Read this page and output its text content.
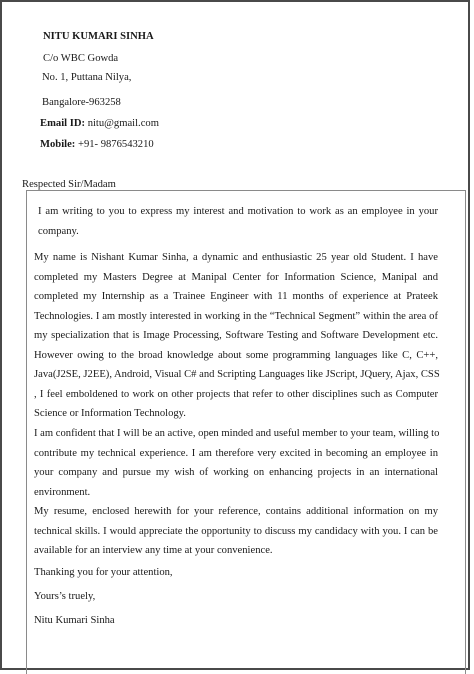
NITU KUMARI SINHA
C/o WBC Gowda
No. 1, Puttana Nilya,
Bangalore-963258
Email ID: nitu@gmail.com
Mobile: +91- 9876543210
Respected Sir/Madam
I am writing to you to express my interest and motivation to work as an employee in your
company.
My name is Nishant Kumar Sinha, a dynamic and enthusiastic 25 year old Student. I have
completed my Masters Degree at Manipal Center for Information Science, Manipal and
completed my Internship as a Trainee Engineer with 11 months of experience at Prateek
Technologies. I am mostly interested in working in the “Technical Segment” within the area of
my specialization that is Image Processing, Software Testing and Software Development etc.
However owing to the broad knowledge about some programming languages like C, C++,
Java(J2SE, J2EE), Android, Visual C# and Scripting Languages like JScript, JQuery, Ajax, CSS
, I feel emboldened to work on other projects that refer to other disciplines such as Computer
Science or Information Technology.
I am confident that I will be an active, open minded and useful member to your team, willing to
contribute my technical experience. I am therefore very excited in becoming an employee in
your company and pursue my wish of working on enhancing projects in an international
environment.
My resume, enclosed herewith for your reference, contains additional information on my
technical skills. I would appreciate the opportunity to discuss my candidacy with you. I can be
available for an interview any time at your convenience.
Thanking you for your attention,
Yours’s truely,
Nitu Kumari Sinha
